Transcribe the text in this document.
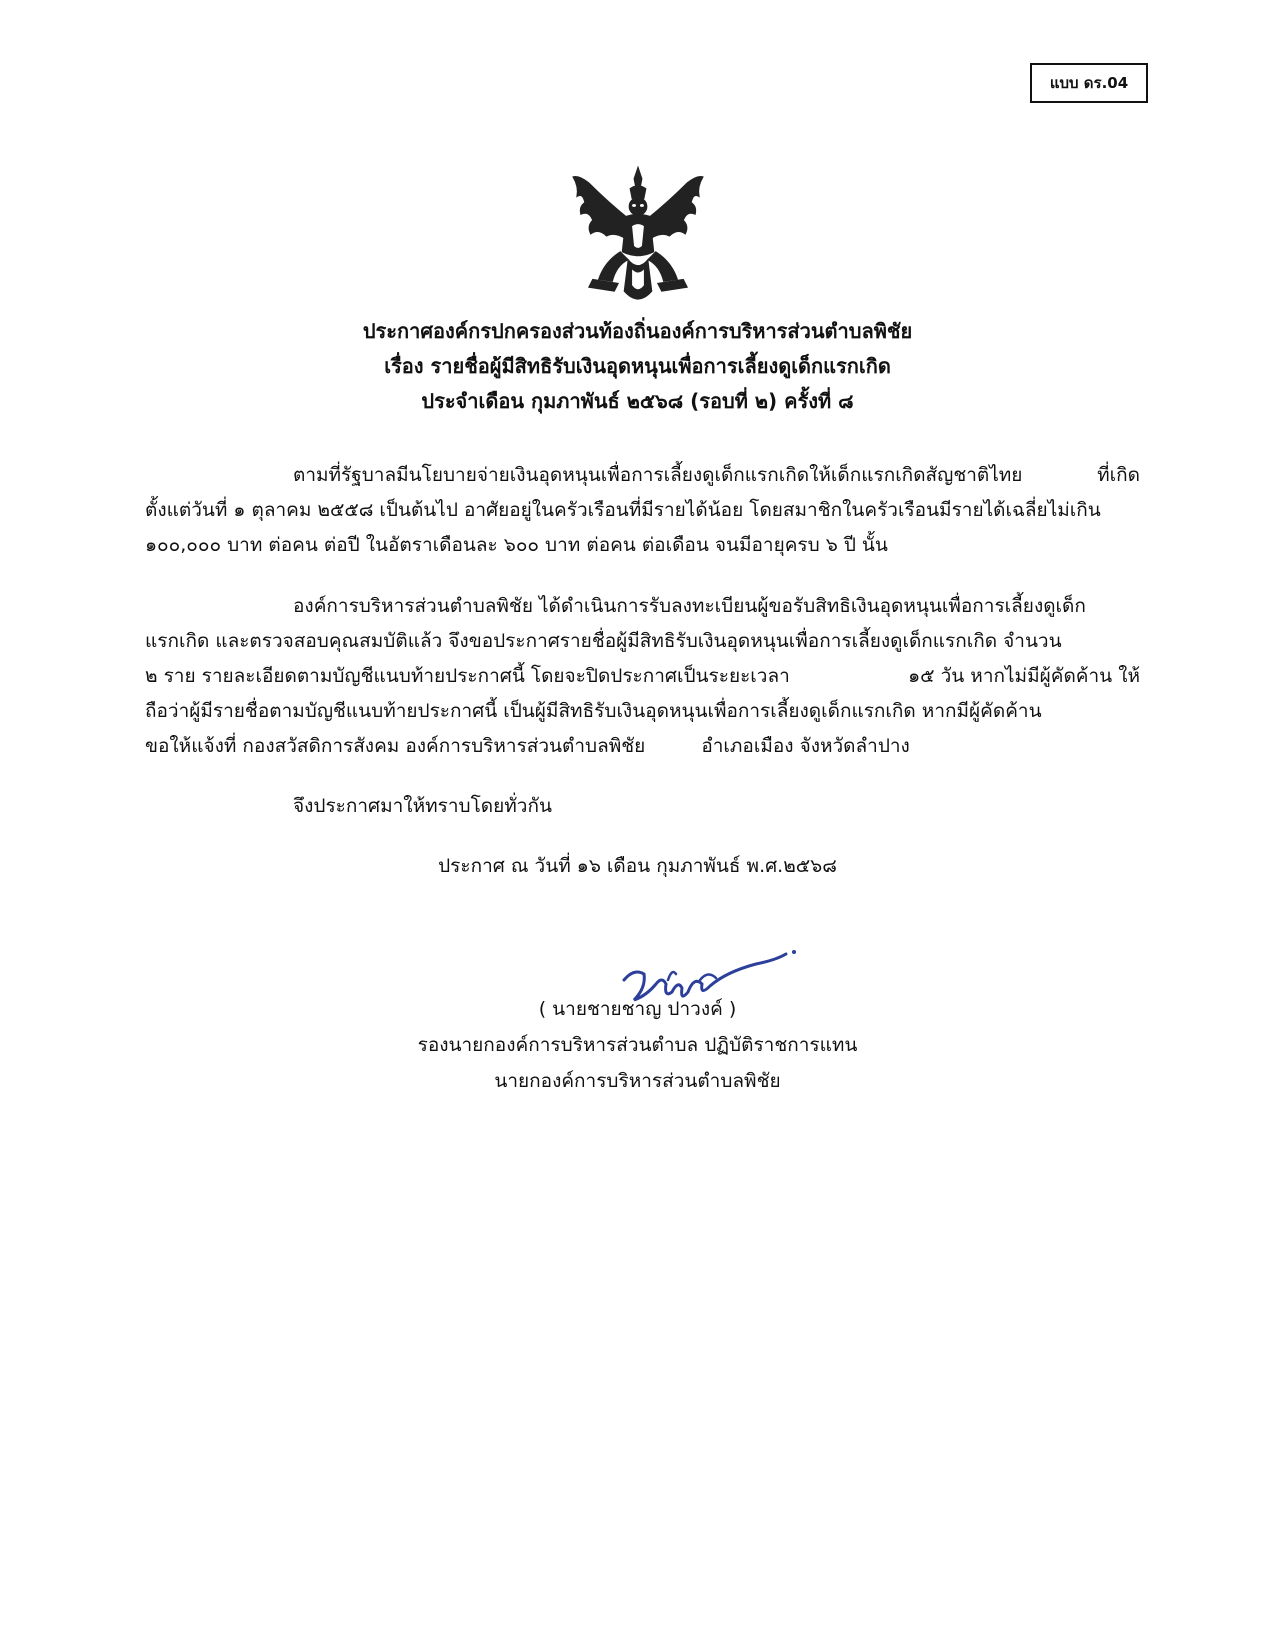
แบบ ดร.04
ประกาศองค์กรปกครองส่วนท้องถิ่นองค์การบริหารส่วนตำบลพิชัย
เรื่อง รายชื่อผู้มีสิทธิรับเงินอุดหนุนเพื่อการเลี้ยงดูเด็กแรกเกิด
ประจำเดือน กุมภาพันธ์ ๒๕๖๘ (รอบที่ ๒) ครั้งที่ ๘
ตามที่รัฐบาลมีนโยบายจ่ายเงินอุดหนุนเพื่อการเลี้ยงดูเด็กแรกเกิดให้เด็กแรกเกิดสัญชาติไทย	ที่เกิด
ตั้งแต่วันที่ ๑ ตุลาคม ๒๕๕๘ เป็นต้นไป อาศัยอยู่ในครัวเรือนที่มีรายได้น้อย โดยสมาชิกในครัวเรือนมีรายได้เฉลี่ยไม่เกิน
๑๐๐,๐๐๐ บาท ต่อคน ต่อปี ในอัตราเดือนละ ๖๐๐ บาท ต่อคน ต่อเดือน จนมีอายุครบ ๖ ปี นั้น
องค์การบริหารส่วนตำบลพิชัย ได้ดำเนินการรับลงทะเบียนผู้ขอรับสิทธิเงินอุดหนุนเพื่อการเลี้ยงดูเด็ก
แรกเกิด และตรวจสอบคุณสมบัติแล้ว จึงขอประกาศรายชื่อผู้มีสิทธิรับเงินอุดหนุนเพื่อการเลี้ยงดูเด็กแรกเกิด จำนวน
๒ ราย รายละเอียดตามบัญชีแนบท้ายประกาศนี้ โดยจะปิดประกาศเป็นระยะเวลา	๑๕ วัน หากไม่มีผู้คัดค้าน ให้
ถือว่าผู้มีรายชื่อตามบัญชีแนบท้ายประกาศนี้ เป็นผู้มีสิทธิรับเงินอุดหนุนเพื่อการเลี้ยงดูเด็กแรกเกิด หากมีผู้คัดค้าน
ขอให้แจ้งที่ กองสวัสดิการสังคม องค์การบริหารส่วนตำบลพิชัย	อำเภอเมือง จังหวัดลำปาง
จึงประกาศมาให้ทราบโดยทั่วกัน
ประกาศ ณ วันที่ ๑๖ เดือน กุมภาพันธ์ พ.ศ.๒๕๖๘
( นายชายชาญ ปาวงค์ )
รองนายกองค์การบริหารส่วนตำบล ปฏิบัติราชการแทน
นายกองค์การบริหารส่วนตำบลพิชัย
